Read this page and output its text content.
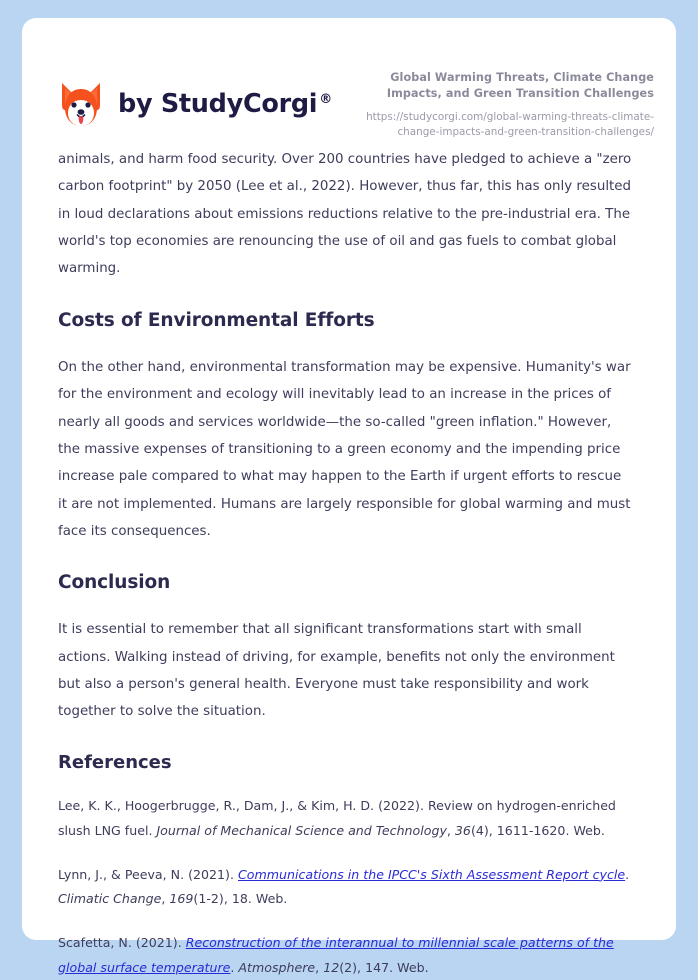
by StudyCorgi ®

Global Warming Threats, Climate Change Impacts, and Green Transition Challenges

https://studycorgi.com/global-warming-threats-climate-change-impacts-and-green-transition-challenges/

animals, and harm food security. Over 200 countries have pledged to achieve a "zero carbon footprint" by 2050 (Lee et al., 2022). However, thus far, this has only resulted in loud declarations about emissions reductions relative to the pre-industrial era. The world's top economies are renouncing the use of oil and gas fuels to combat global warming.

Costs of Environmental Efforts

On the other hand, environmental transformation may be expensive. Humanity's war for the environment and ecology will inevitably lead to an increase in the prices of nearly all goods and services worldwide—the so-called "green inflation." However, the massive expenses of transitioning to a green economy and the impending price increase pale compared to what may happen to the Earth if urgent efforts to rescue it are not implemented. Humans are largely responsible for global warming and must face its consequences.

Conclusion

It is essential to remember that all significant transformations start with small actions. Walking instead of driving, for example, benefits not only the environment but also a person's general health. Everyone must take responsibility and work together to solve the situation.

References

Lee, K. K., Hoogerbrugge, R., Dam, J., & Kim, H. D. (2022). Review on hydrogen-enriched slush LNG fuel. Journal of Mechanical Science and Technology, 36(4), 1611-1620. Web.

Lynn, J., & Peeva, N. (2021). Communications in the IPCC's Sixth Assessment Report cycle. Climatic Change, 169(1-2), 18. Web.

Scafetta, N. (2021). Reconstruction of the interannual to millennial scale patterns of the global surface temperature. Atmosphere, 12(2), 147. Web.
